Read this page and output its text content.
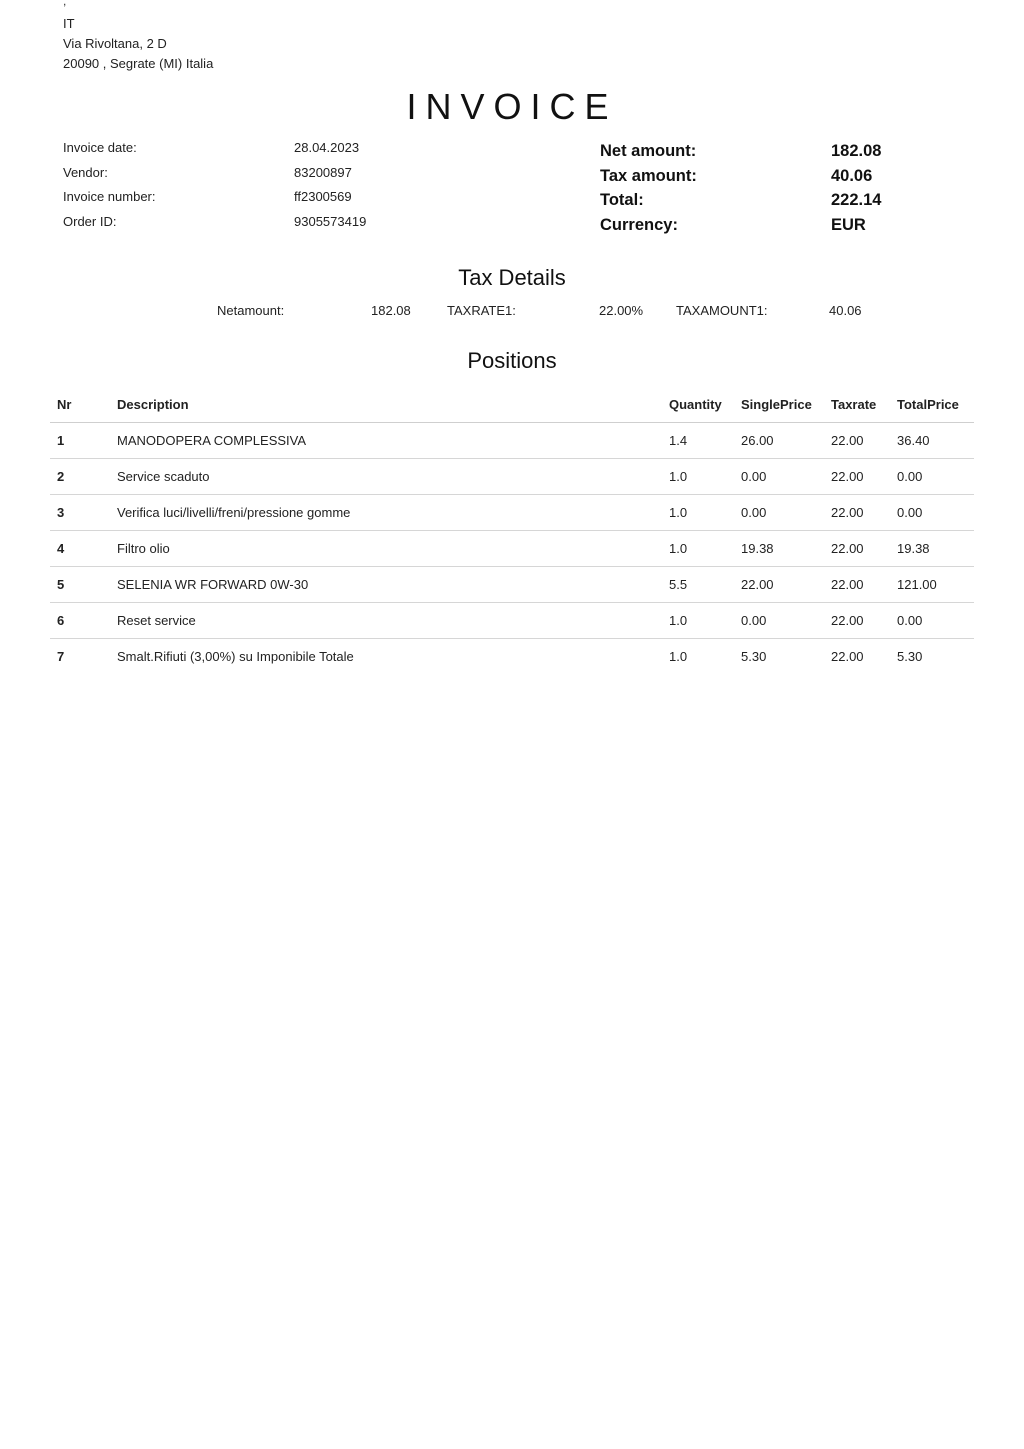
,
IT
Via Rivoltana, 2 D
20090 , Segrate (MI) Italia
INVOICE
Invoice date:	28.04.2023
Vendor:	83200897
Invoice number:	ff2300569
Order ID:	9305573419
Net amount:	182.08
Tax amount:	40.06
Total:	222.14
Currency:	EUR
Tax Details
Netamount:	182.08	TAXRATE1:	22.00%	TAXAMOUNT1:	40.06
Positions
Nr	Description	Quantity	SinglePrice	Taxrate	TotalPrice
1	MANODOPERA COMPLESSIVA	1.4	26.00	22.00	36.40
2	Service scaduto	1.0	0.00	22.00	0.00
3	Verifica luci/livelli/freni/pressione gomme	1.0	0.00	22.00	0.00
4	Filtro olio	1.0	19.38	22.00	19.38
5	SELENIA WR FORWARD 0W-30	5.5	22.00	22.00	121.00
6	Reset service	1.0	0.00	22.00	0.00
7	Smalt.Rifiuti (3,00%) su Imponibile Totale	1.0	5.30	22.00	5.30
